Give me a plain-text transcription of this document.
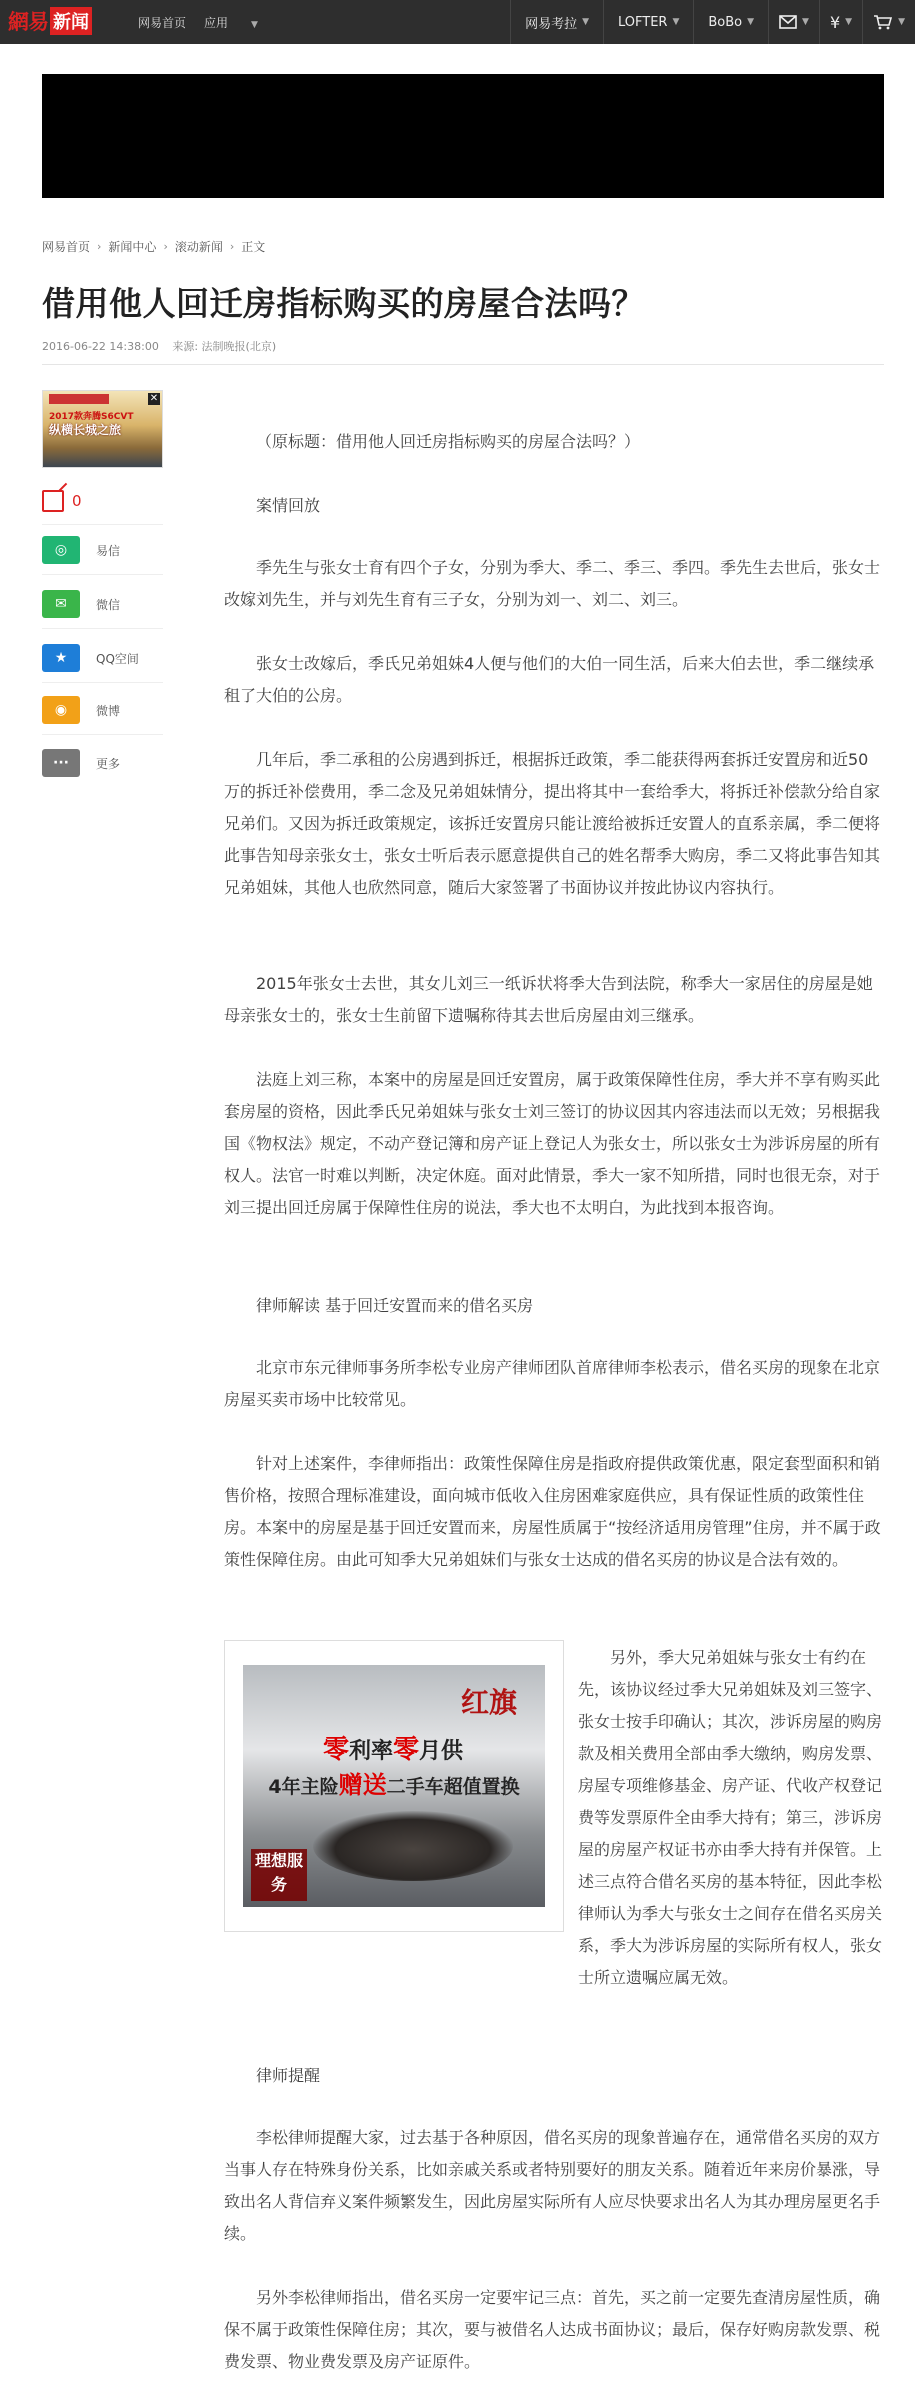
網易 新闻	网易首页 应用	▼	网易考拉 ▼ LOFTER ▼ BoBo ▼	▼ ¥ ▼	▼
网易首页 › 新闻中心 › 滚动新闻 › 正文
借用他人回迁房指标购买的房屋合法吗？
2016-06-22 14:38:00 来源: 法制晚报(北京)
✕
2017款奔腾S6CVT
纵横长城之旅
0
◎	易信
✉	微信
★	QQ空间
◉	微博
···	更多

（原标题：借用他人回迁房指标购买的房屋合法吗？）

案情回放

季先生与张女士育有四个子女，分别为季大、季二、季三、季四。季先生去世后，张女士改嫁刘先生，并与刘先生育有三子女，分别为刘一、刘二、刘三。

张女士改嫁后，季氏兄弟姐妹4人便与他们的大伯一同生活，后来大伯去世，季二继续承租了大伯的公房。

几年后，季二承租的公房遇到拆迁，根据拆迁政策，季二能获得两套拆迁安置房和近50万的拆迁补偿费用，季二念及兄弟姐妹情分，提出将其中一套给季大，将拆迁补偿款分给自家兄弟们。又因为拆迁政策规定，该拆迁安置房只能让渡给被拆迁安置人的直系亲属，季二便将此事告知母亲张女士，张女士听后表示愿意提供自己的姓名帮季大购房，季二又将此事告知其兄弟姐妹，其他人也欣然同意，随后大家签署了书面协议并按此协议内容执行。

2015年张女士去世，其女儿刘三一纸诉状将季大告到法院，称季大一家居住的房屋是她母亲张女士的，张女士生前留下遗嘱称待其去世后房屋由刘三继承。

法庭上刘三称，本案中的房屋是回迁安置房，属于政策保障性住房，季大并不享有购买此套房屋的资格，因此季氏兄弟姐妹与张女士刘三签订的协议因其内容违法而以无效；另根据我国《物权法》规定，不动产登记簿和房产证上登记人为张女士，所以张女士为涉诉房屋的所有权人。法官一时难以判断，决定休庭。面对此情景，季大一家不知所措，同时也很无奈，对于刘三提出回迁房属于保障性住房的说法，季大也不太明白，为此找到本报咨询。

律师解读 基于回迁安置而来的借名买房

北京市东元律师事务所李松专业房产律师团队首席律师李松表示，借名买房的现象在北京房屋买卖市场中比较常见。

针对上述案件，李律师指出：政策性保障住房是指政府提供政策优惠，限定套型面积和销售价格，按照合理标准建设，面向城市低收入住房困难家庭供应，具有保证性质的政策性住房。本案中的房屋是基于回迁安置而来，房屋性质属于“按经济适用房管理”住房，并不属于政策性保障住房。由此可知季大兄弟姐妹们与张女士达成的借名买房的协议是合法有效的。

红旗
零利率零月供
4年主险赠送二手车超值置换
理想服务

另外，季大兄弟姐妹与张女士有约在先，该协议经过季大兄弟姐妹及刘三签字、张女士按手印确认；其次，涉诉房屋的购房款及相关费用全部由季大缴纳，购房发票、房屋专项维修基金、房产证、代收产权登记费等发票原件全由季大持有；第三，涉诉房屋的房屋产权证书亦由季大持有并保管。上述三点符合借名买房的基本特征，因此李松律师认为季大与张女士之间存在借名买房关系，季大为涉诉房屋的实际所有权人，张女士所立遗嘱应属无效。

律师提醒

李松律师提醒大家，过去基于各种原因，借名买房的现象普遍存在，通常借名买房的双方当事人存在特殊身份关系，比如亲戚关系或者特别要好的朋友关系。随着近年来房价暴涨，导致出名人背信弃义案件频繁发生，因此房屋实际所有人应尽快要求出名人为其办理房屋更名手续。

另外李松律师指出，借名买房一定要牢记三点：首先，买之前一定要先查清房屋性质，确保不属于政策性保障住房；其次，要与被借名人达成书面协议；最后，保存好购房款发票、税费发票、物业费发票及房产证原件。
